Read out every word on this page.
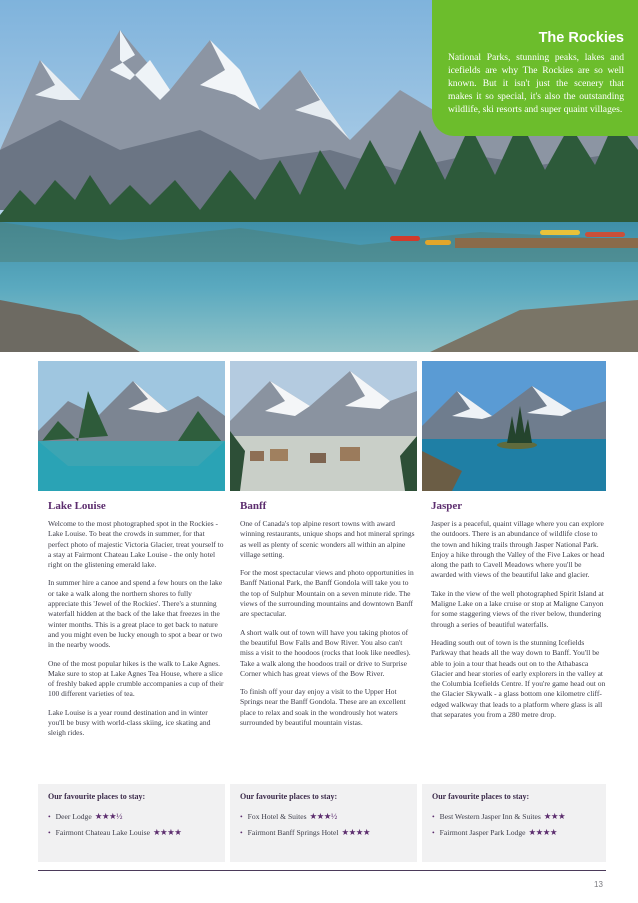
The Rockies

National Parks, stunning peaks, lakes and icefields are why The Rockies are so well known. But it isn't just the scenery that makes it so special, it's also the outstanding wildlife, ski resorts and super quaint villages.

Lake Louise

Welcome to the most photographed spot in the Rockies - Lake Louise. To beat the crowds in summer, for that perfect photo of majestic Victoria Glacier, treat yourself to a stay at Fairmont Chateau Lake Louise - the only hotel right on the glistening emerald lake.

In summer hire a canoe and spend a few hours on the lake or take a walk along the northern shores to fully appreciate this 'Jewel of the Rockies'. There's a stunning waterfall hidden at the back of the lake that freezes in the winter months. This is a great place to get back to nature and you might even be lucky enough to spot a bear or two in the nearby woods.

One of the most popular hikes is the walk to Lake Agnes. Make sure to stop at Lake Agnes Tea House, where a slice of freshly baked apple crumble accompanies a cup of their 100 different varieties of tea.

Lake Louise is a year round destination and in winter you'll be busy with world-class skiing, ice skating and sleigh rides.

Banff

One of Canada's top alpine resort towns with award winning restaurants, unique shops and hot mineral springs as well as plenty of scenic wonders all within an alpine village setting.

For the most spectacular views and photo opportunities in Banff National Park, the Banff Gondola will take you to the top of Sulphur Mountain on a seven minute ride. The views of the surrounding mountains and downtown Banff are spectacular.

A short walk out of town will have you taking photos of the beautiful Bow Falls and Bow River. You also can't miss a visit to the hoodoos (rocks that look like needles). Take a walk along the hoodoos trail or drive to Surprise Corner which has great views of the Bow River.

To finish off your day enjoy a visit to the Upper Hot Springs near the Banff Gondola. These are an excellent place to relax and soak in the wondrously hot waters surrounded by beautiful mountain vistas.

Jasper

Jasper is a peaceful, quaint village where you can explore the outdoors. There is an abundance of wildlife close to the town and hiking trails through Jasper National Park. Enjoy a hike through the Valley of the Five Lakes or head along the path to Cavell Meadows where you'll be awarded with views of the beautiful lake and glacier.

Take in the view of the well photographed Spirit Island at Maligne Lake on a lake cruise or stop at Maligne Canyon for some staggering views of the river below, thundering through a series of beautiful waterfalls.

Heading south out of town is the stunning Icefields Parkway that heads all the way down to Banff. You'll be able to join a tour that heads out on to the Athabasca Glacier and hear stories of early explorers in the valley at the Columbia Icefields Centre. If you're game head out on the Glacier Skywalk - a glass bottom one kilometre cliff-edged walkway that leads to a platform where glass is all that separates you from a 280 metre drop.

Our favourite places to stay:
• Deer Lodge ★★★½
• Fairmont Chateau Lake Louise ★★★★
Our favourite places to stay:
• Fox Hotel & Suites ★★★½
• Fairmont Banff Springs Hotel ★★★★
Our favourite places to stay:
• Best Western Jasper Inn & Suites ★★★
• Fairmont Jasper Park Lodge ★★★★
13
